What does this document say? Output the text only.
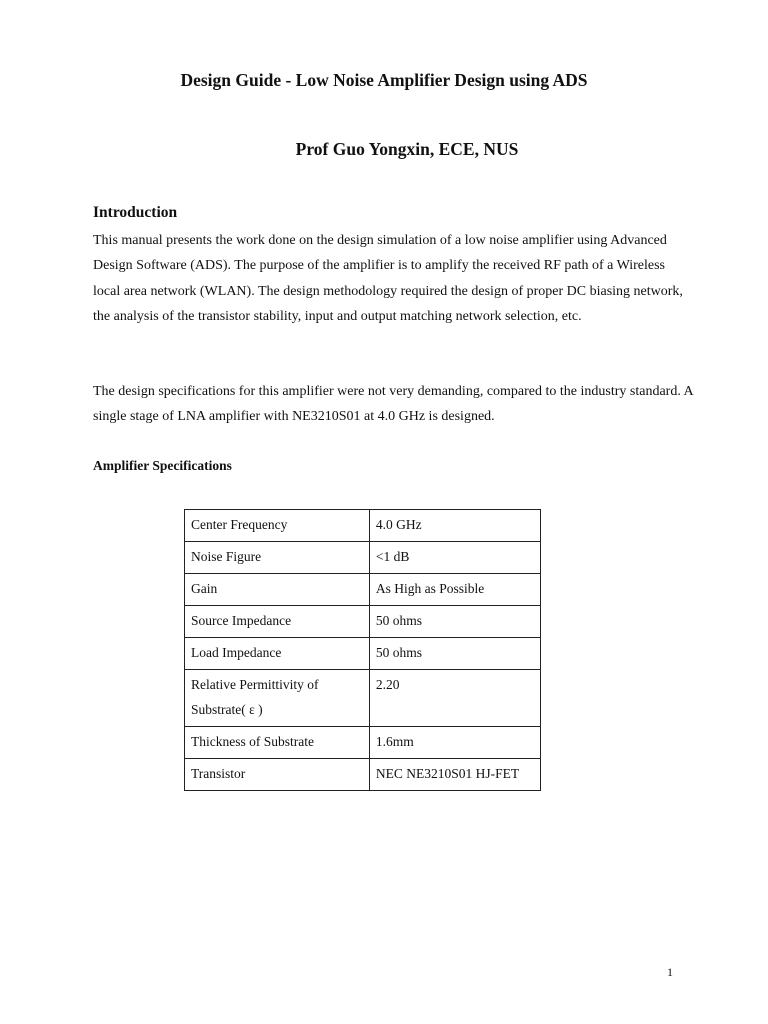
Design Guide - Low Noise Amplifier Design using ADS
Prof Guo Yongxin, ECE, NUS
Introduction

This manual presents the work done on the design simulation of a low noise amplifier using Advanced Design Software (ADS). The purpose of the amplifier is to amplify the received RF path of a Wireless local area network (WLAN). The design methodology required the design of proper DC biasing network, the analysis of the transistor stability, input and output matching network selection, etc.

The design specifications for this amplifier were not very demanding, compared to the industry standard. A single stage of LNA amplifier with NE3210S01 at 4.0 GHz is designed.

Amplifier Specifications
Center Frequency	4.0 GHz
Noise Figure	<1 dB
Gain	As High as Possible
Source Impedance	50 ohms
Load Impedance	50 ohms
Relative Permittivity of Substrate( ε )	2.20
Thickness of Substrate	1.6mm
Transistor	NEC NE3210S01 HJ-FET
1
